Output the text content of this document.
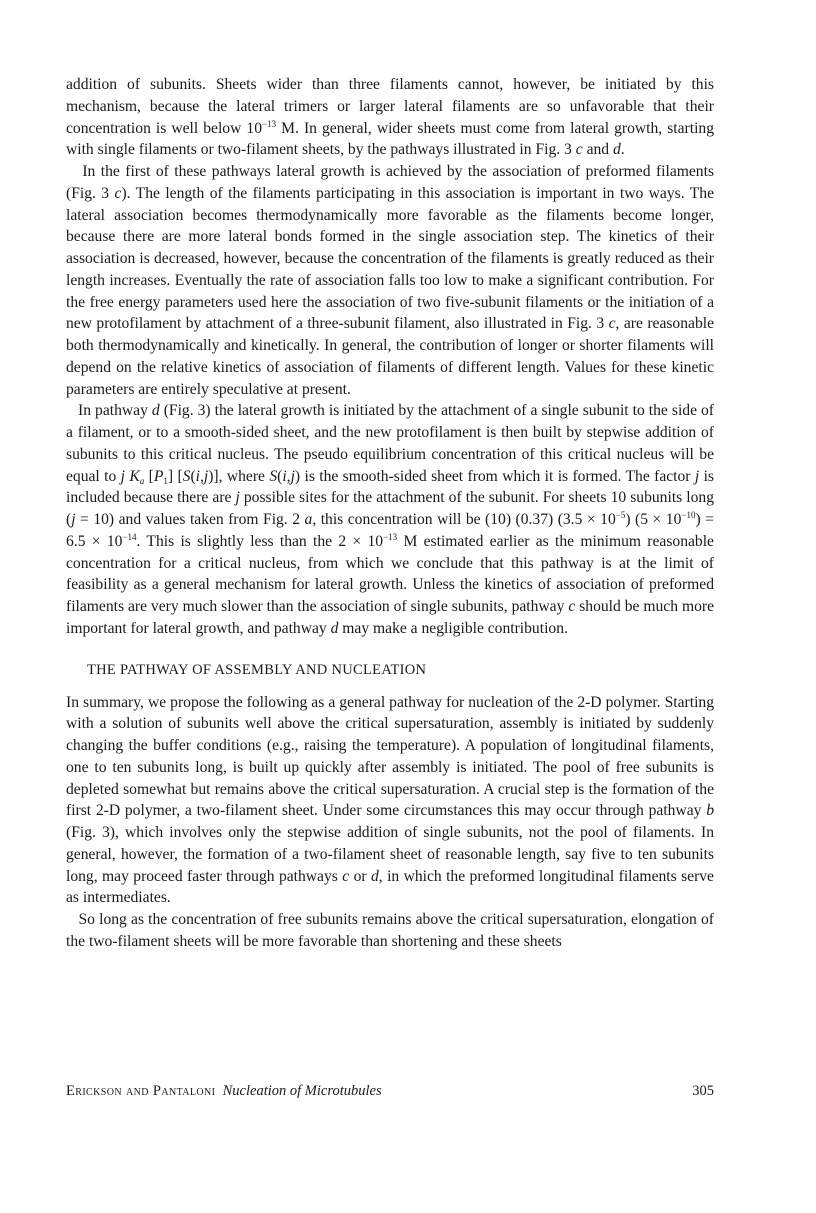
addition of subunits. Sheets wider than three filaments cannot, however, be initiated by this mechanism, because the lateral trimers or larger lateral filaments are so unfavorable that their concentration is well below $10^{-13}$ M. In general, wider sheets must come from lateral growth, starting with single filaments or two-filament sheets, by the pathways illustrated in Fig. 3 c and d.

In the first of these pathways lateral growth is achieved by the association of preformed filaments (Fig. 3 c). The length of the filaments participating in this association is important in two ways. The lateral association becomes thermodynamically more favorable as the filaments become longer, because there are more lateral bonds formed in the single association step. The kinetics of their association is decreased, however, because the concentration of the filaments is greatly reduced as their length increases. Eventually the rate of association falls too low to make a significant contribution. For the free energy parameters used here the association of two five-subunit filaments or the initiation of a new protofilament by attachment of a three-subunit filament, also illustrated in Fig. 3 c, are reasonable both thermodynamically and kinetically. In general, the contribution of longer or shorter filaments will depend on the relative kinetics of association of filaments of different length. Values for these kinetic parameters are entirely speculative at present.

In pathway d (Fig. 3) the lateral growth is initiated by the attachment of a single subunit to the side of a filament, or to a smooth-sided sheet, and the new protofilament is then built by stepwise addition of subunits to this critical nucleus. The pseudo equilibrium concentration of this critical nucleus will be equal to j $K_a$ $[P_1]$ [S(i,j)], where S(i,j) is the smooth-sided sheet from which it is formed. The factor j is included because there are j possible sites for the attachment of the subunit. For sheets 10 subunits long (j = 10) and values taken from Fig. 2 a, this concentration will be (10) (0.37) $(3.5 \times 10^{-5})$ $(5 \times 10^{-10}) = 6.5 \times 10^{-14}$. This is slightly less than the $2 \times 10^{-13}$ M estimated earlier as the minimum reasonable concentration for a critical nucleus, from which we conclude that this pathway is at the limit of feasibility as a general mechanism for lateral growth. Unless the kinetics of association of preformed filaments are very much slower than the association of single subunits, pathway c should be much more important for lateral growth, and pathway d may make a negligible contribution.

THE PATHWAY OF ASSEMBLY AND NUCLEATION

In summary, we propose the following as a general pathway for nucleation of the 2-D polymer. Starting with a solution of subunits well above the critical supersaturation, assembly is initiated by suddenly changing the buffer conditions (e.g., raising the temperature). A population of longitudinal filaments, one to ten subunits long, is built up quickly after assembly is initiated. The pool of free subunits is depleted somewhat but remains above the critical supersaturation. A crucial step is the formation of the first 2-D polymer, a two-filament sheet. Under some circumstances this may occur through pathway b (Fig. 3), which involves only the stepwise addition of single subunits, not the pool of filaments. In general, however, the formation of a two-filament sheet of reasonable length, say five to ten subunits long, may proceed faster through pathways c or d, in which the preformed longitudinal filaments serve as intermediates.

So long as the concentration of free subunits remains above the critical supersaturation, elongation of the two-filament sheets will be more favorable than shortening and these sheets

Erickson and Pantaloni Nucleation of Microtubules	305
